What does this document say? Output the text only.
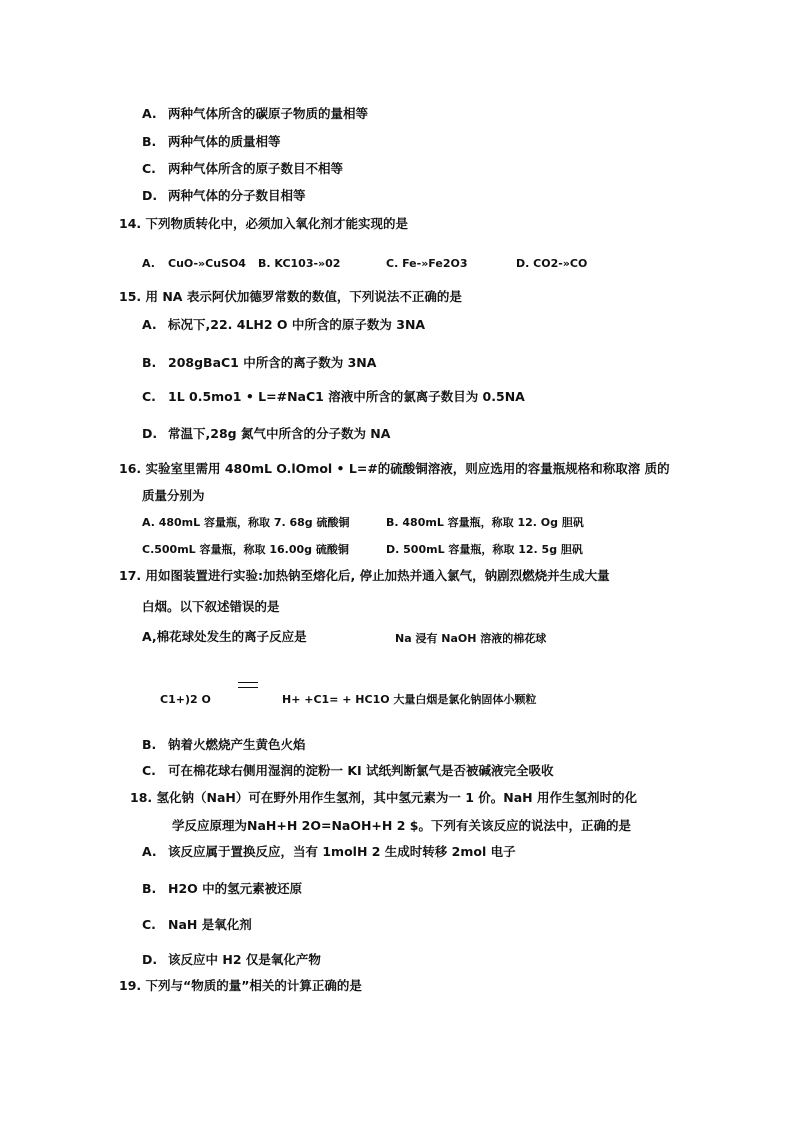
A. 两种气体所含的碳原子物质的量相等
B. 两种气体的质量相等
C. 两种气体所含的原子数目不相等
D. 两种气体的分子数目相等
14. 下列物质转化中，必须加入氧化剂才能实现的是
A. CuO-»CuSO4 B. KC103-»02	C. Fe-»Fe2O3	D. CO2-»CO
15. 用 NA 表示阿伏加德罗常数的数值，下列说法不正确的是
A. 标况下,22. 4LH2 O 中所含的原子数为 3NA
B. 208gBaC1 中所含的离子数为 3NA
C. 1L 0.5mo1 • L=#NaC1 溶液中所含的氯离子数目为 0.5NA
D. 常温下,28g 氮气中所含的分子数为 NA
16. 实验室里需用 480mL O.lOmol • L=#的硫酸铜溶液，则应选用的容量瓶规格和称取溶 质的
质量分别为
A. 480mL 容量瓶，称取 7. 68g 硫酸铜	B. 480mL 容量瓶，称取 12. Og 胆矾
C.500mL 容量瓶，称取 16.00g 硫酸铜	D. 500mL 容量瓶，称取 12. 5g 胆矾
17. 用如图装置进行实验:加热钠至熔化后, 停止加热并通入氯气，钠剧烈燃烧并生成大量
白烟。以下叙述错误的是
A,棉花球处发生的离子反应是	Na 浸有 NaOH 溶液的棉花球
C1+)2 O	H+ +C1= + HC1O 大量白烟是氯化钠固体小颗粒
B. 钠着火燃烧产生黄色火焰
C. 可在棉花球右侧用湿润的淀粉一 KI 试纸判断氯气是否被碱液完全吸收
18. 氢化钠（NaH）可在野外用作生氢剂，其中氢元素为一 1 价。NaH 用作生氢剂时的化
学反应原理为NaH+H 2O=NaOH+H 2 $。下列有关该反应的说法中，正确的是
A. 该反应属于置换反应，当有 1molH 2 生成时转移 2mol 电子
B. H2O 中的氢元素被还原
C. NaH 是氧化剂
D. 该反应中 H2 仅是氧化产物
19. 下列与“物质的量”相关的计算正确的是
